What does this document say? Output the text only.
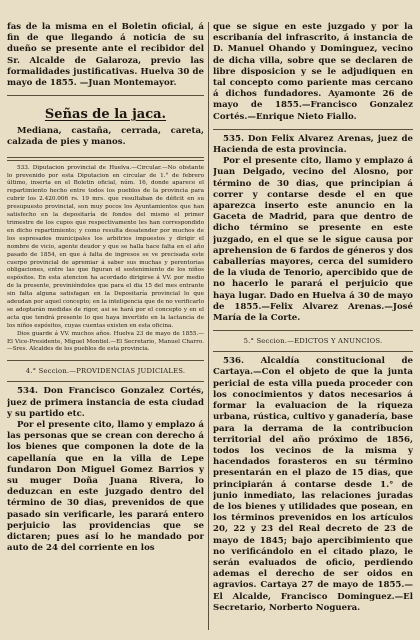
fas de la misma en el Boletin oficial, á fin de que llegando á noticia de su dueño se presente ante el recibidor del Sr. Alcalde de Galaroza, previo las formalidades justificativas. Huelva 30 de mayo de 1855. —Juan Montemayor.

Señas de la jaca.

Mediana, castaña, cerrada, careta, calzada de pies y manos.

533. Diputacion provincial de Huelva.—Circular.—No obstante lo prevenido por esta Diputacion en circular de 1.° de febrero último, inserta en el Boletin oficial, núm. 16, donde aparece el repartimiento hecho entre todos los pueblos de la provincia para cubrir los 2.420.006 rs. 19 mrs. que resultaban de déficit en su presupuesto provincial, son muy pocos los Ayuntamientos que han satisfecho en la depositaría de fondos del mismo el primer trimestre de los cupos que respectivamente les han correspondido en dicho repartimiento; y como resulta desatender por muchos de los espresados municipales los arbitrios impuestos y dirigir el nombre de vicio, agente deudor y que se halla hace falta en el año pasado de 1854, en que á falta de ingresos se ve precisada este cuerpo provincial de apremiar á saber sus muchas y perentorias obligaciones, entre las que figuran el sostenimiento de los niños espósitos. En esta atencion ha acordado dirigirse á VV. por medio de la presente, previniéndoles que para el dia 15 del mes entrante sin falta alguna satisfagan en la Depositaría provincial lo que adeudan por aquel concepto; en la inteligencia que de no verificarlo se adoptarán medidas de rigor, asi se hará por el concepto y en el acta que tendrá presente lo que haya invertido en la lactancia de los niños espósitos, cuyas cuentas existen en esta oficina.

Dios guarde á VV. muchos años. Huelva 23 de mayo de 1855.—El Vice-Presidente, Miguel Montiel.—El Secretario, Manuel Charro.—Sres. Alcaldes de los pueblos de esta provincia.

4.° Seccion.—PROVIDENCIAS JUDICIALES.

534. Don Francisco Gonzalez Cortés, juez de primera instancia de esta ciudad y su partido etc.

Por el presente cito, llamo y emplazo á las personas que se crean con derecho á los bienes que componen la dote de la capellanía que en la villa de Lepe fundaron Don Miguel Gomez Barrios y su muger Doña Juana Rivera, lo deduzcan en este juzgado dentro del término de 30 dias, prevenidos de que pasado sin verificarle, les parará entero perjuicio las providencias que se dictaren; pues así lo he mandado por auto de 24 del corriente en los

que se sigue en este juzgado y por la escribanía del infrascrito, á instancia de D. Manuel Ohando y Dominguez, vecino de dicha villa, sobre que se declaren de libre disposicion y se le adjudiquen en tal concepto como pariente mas cercano á dichos fundadores. Ayamonte 26 de mayo de 1855.—Francisco Gonzalez Cortés.—Enrique Nieto Fiallo.

535. Don Felix Alvarez Arenas, juez de Hacienda de esta provincia.

Por el presente cito, llamo y emplazo á Juan Delgado, vecino del Alosno, por término de 30 dias, que principian á correr y contarse desde el en que aparezca inserto este anuncio en la Gaceta de Madrid, para que dentro de dicho término se presente en este juzgado, en el que se le sigue causa por aprehension de 6 fardos de géneros y dos caballerías mayores, cerca del sumidero de la viuda de Tenorio, apercibido que de no hacerlo le parará el perjuicio que haya lugar. Dado en Huelva á 30 de mayo de 1855.—Felix Alvarez Arenas.—José María de la Corte.

5.° Seccion.—EDICTOS Y ANUNCIOS.

536. Alcaldía constitucional de Cartaya.—Con el objeto de que la junta pericial de esta villa pueda proceder con los conocimientos y datos necesarios á formar la evaluacion de la riqueza urbana, rústica, cultivo y ganadería, base para la derrama de la contribucion territorial del año próximo de 1856, todos los vecinos de la misma y hacendados forasteros en su término presentarán en el plazo de 15 dias, que principiarán á contarse desde 1.° de junio inmediato, las relaciones juradas de los bienes y utilidades que posean, en los términos prevenidos en los artículos 20, 22 y 23 del Real decreto de 23 de mayo de 1845; bajo apercibimiento que no verificándolo en el citado plazo, le serán evaluados de oficio, perdiendo ademas el derecho de ser oidos en agravios. Cartaya 27 de mayo de 1855.—El Alcalde, Francisco Dominguez.—El Secretario, Norberto Noguera.
